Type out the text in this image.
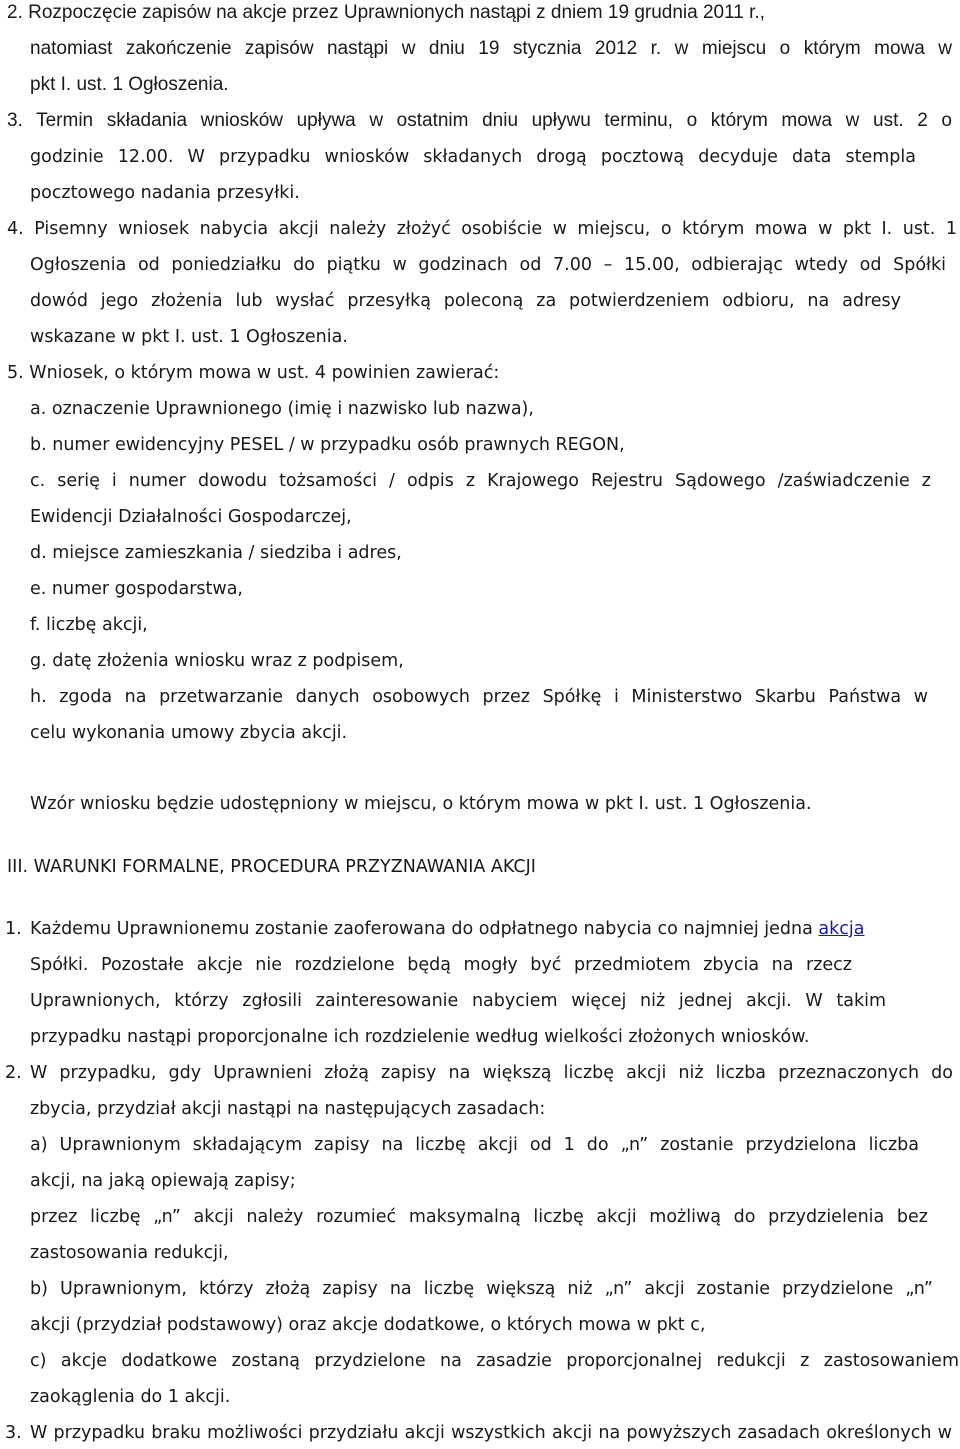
2. Rozpoczęcie zapisów na akcje przez Uprawnionych nastąpi z dniem 19 grudnia 2011 r.,
natomiast zakończenie zapisów nastąpi w dniu 19 stycznia 2012 r. w miejscu o którym mowa w
pkt I. ust. 1 Ogłoszenia.
3. Termin składania wniosków upływa w ostatnim dniu upływu terminu, o którym mowa w ust. 2 o
godzinie 12.00. W przypadku wniosków składanych drogą pocztową decyduje data stempla
pocztowego nadania przesyłki.
4. Pisemny wniosek nabycia akcji należy złożyć osobiście w miejscu, o którym mowa w pkt I. ust. 1
Ogłoszenia od poniedziałku do piątku w godzinach od 7.00 – 15.00, odbierając wtedy od Spółki
dowód jego złożenia lub wysłać przesyłką poleconą za potwierdzeniem odbioru, na adresy
wskazane w pkt I. ust. 1 Ogłoszenia.
5. Wniosek, o którym mowa w ust. 4 powinien zawierać:
a. oznaczenie Uprawnionego (imię i nazwisko lub nazwa),
b. numer ewidencyjny PESEL / w przypadku osób prawnych REGON,
c. serię i numer dowodu tożsamości / odpis z Krajowego Rejestru Sądowego /zaświadczenie z
Ewidencji Działalności Gospodarczej,
d. miejsce zamieszkania / siedziba i adres,
e. numer gospodarstwa,
f. liczbę akcji,
g. datę złożenia wniosku wraz z podpisem,
h. zgoda na przetwarzanie danych osobowych przez Spółkę i Ministerstwo Skarbu Państwa w
celu wykonania umowy zbycia akcji.
Wzór wniosku będzie udostępniony w miejscu, o którym mowa w pkt I. ust. 1 Ogłoszenia.
III. WARUNKI FORMALNE, PROCEDURA PRZYZNAWANIA AKCJI
1. Każdemu Uprawnionemu zostanie zaoferowana do odpłatnego nabycia co najmniej jedna akcja
Spółki. Pozostałe akcje nie rozdzielone będą mogły być przedmiotem zbycia na rzecz
Uprawnionych, którzy zgłosili zainteresowanie nabyciem więcej niż jednej akcji. W takim
przypadku nastąpi proporcjonalne ich rozdzielenie według wielkości złożonych wniosków.
2. W przypadku, gdy Uprawnieni złożą zapisy na większą liczbę akcji niż liczba przeznaczonych do
zbycia, przydział akcji nastąpi na następujących zasadach:
a) Uprawnionym składającym zapisy na liczbę akcji od 1 do „n” zostanie przydzielona liczba
akcji, na jaką opiewają zapisy;
przez liczbę „n” akcji należy rozumieć maksymalną liczbę akcji możliwą do przydzielenia bez
zastosowania redukcji,
b) Uprawnionym, którzy złożą zapisy na liczbę większą niż „n” akcji zostanie przydzielone „n”
akcji (przydział podstawowy) oraz akcje dodatkowe, o których mowa w pkt c,
c) akcje dodatkowe zostaną przydzielone na zasadzie proporcjonalnej redukcji z zastosowaniem
zaokąglenia do 1 akcji.
3. W przypadku braku możliwości przydziału akcji wszystkich akcji na powyższych zasadach określonych w
